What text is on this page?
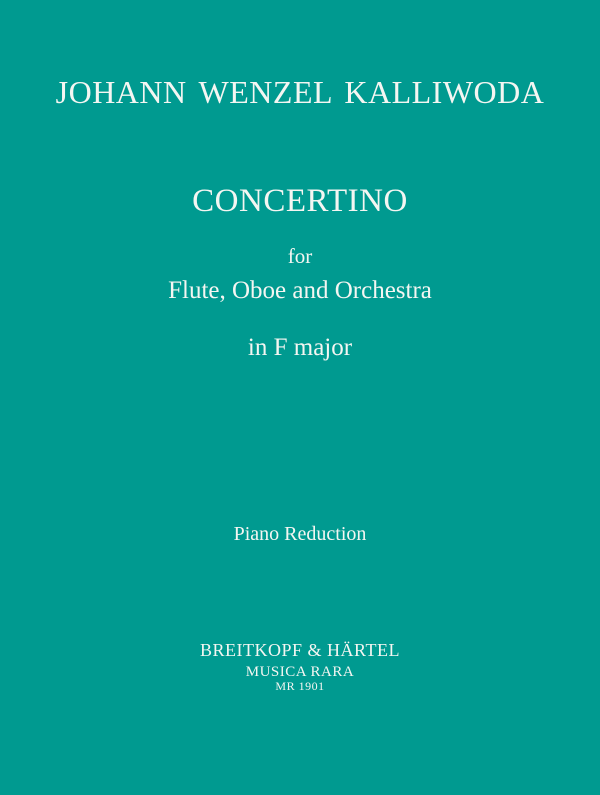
JOHANN WENZEL KALLIWODA
CONCERTINO
for
Flute, Oboe and Orchestra
in F major
Piano Reduction
BREITKOPF & HÄRTEL
MUSICA RARA
MR 1901
